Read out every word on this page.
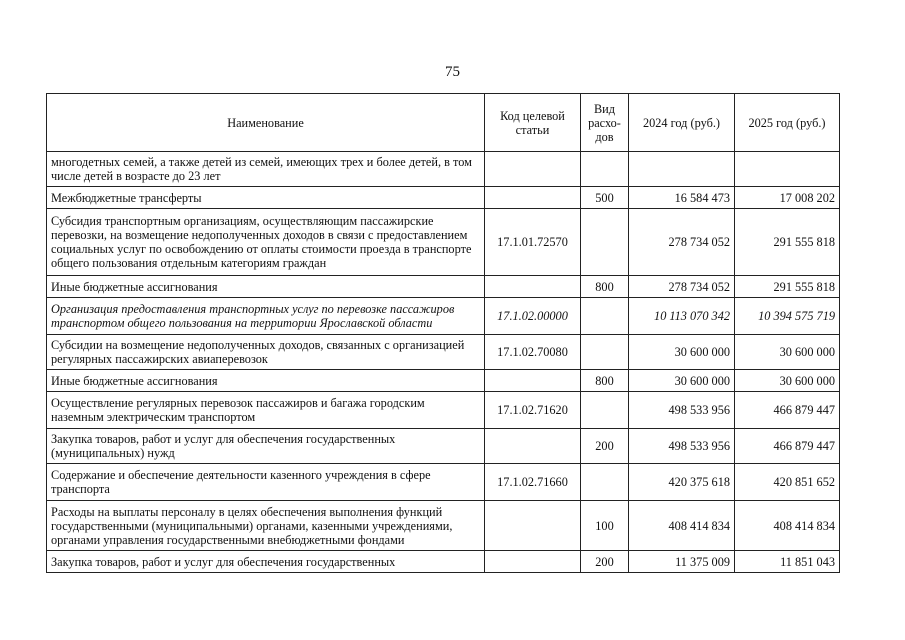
75
Наименование	Код целевой статьи	Вид расхо-дов	2024 год (руб.)	2025 год (руб.)
многодетных семей, а также детей из семей, имеющих трех и более детей, в том числе детей в возрасте до 23 лет				
Межбюджетные трансферты		500	16 584 473	17 008 202
Субсидия транспортным организациям, осуществляющим пассажирские перевозки, на возмещение недополученных доходов в связи с предоставлением социальных услуг по освобождению от оплаты стоимости проезда в транспорте общего пользования отдельным категориям граждан	17.1.01.72570		278 734 052	291 555 818
Иные бюджетные ассигнования		800	278 734 052	291 555 818
Организация предоставления транспортных услуг по перевозке пассажиров транспортом общего пользования на территории Ярославской области	17.1.02.00000		10 113 070 342	10 394 575 719
Субсидии на возмещение недополученных доходов, связанных с организацией регулярных пассажирских авиаперевозок	17.1.02.70080		30 600 000	30 600 000
Иные бюджетные ассигнования		800	30 600 000	30 600 000
Осуществление регулярных перевозок пассажиров и багажа городским наземным электрическим транспортом	17.1.02.71620		498 533 956	466 879 447
Закупка товаров, работ и услуг для обеспечения государственных (муниципальных) нужд		200	498 533 956	466 879 447
Содержание и обеспечение деятельности казенного учреждения в сфере транспорта	17.1.02.71660		420 375 618	420 851 652
Расходы на выплаты персоналу в целях обеспечения выполнения функций государственными (муниципальными) органами, казенными учреждениями, органами управления государственными внебюджетными фондами		100	408 414 834	408 414 834
Закупка товаров, работ и услуг для обеспечения государственных		200	11 375 009	11 851 043
